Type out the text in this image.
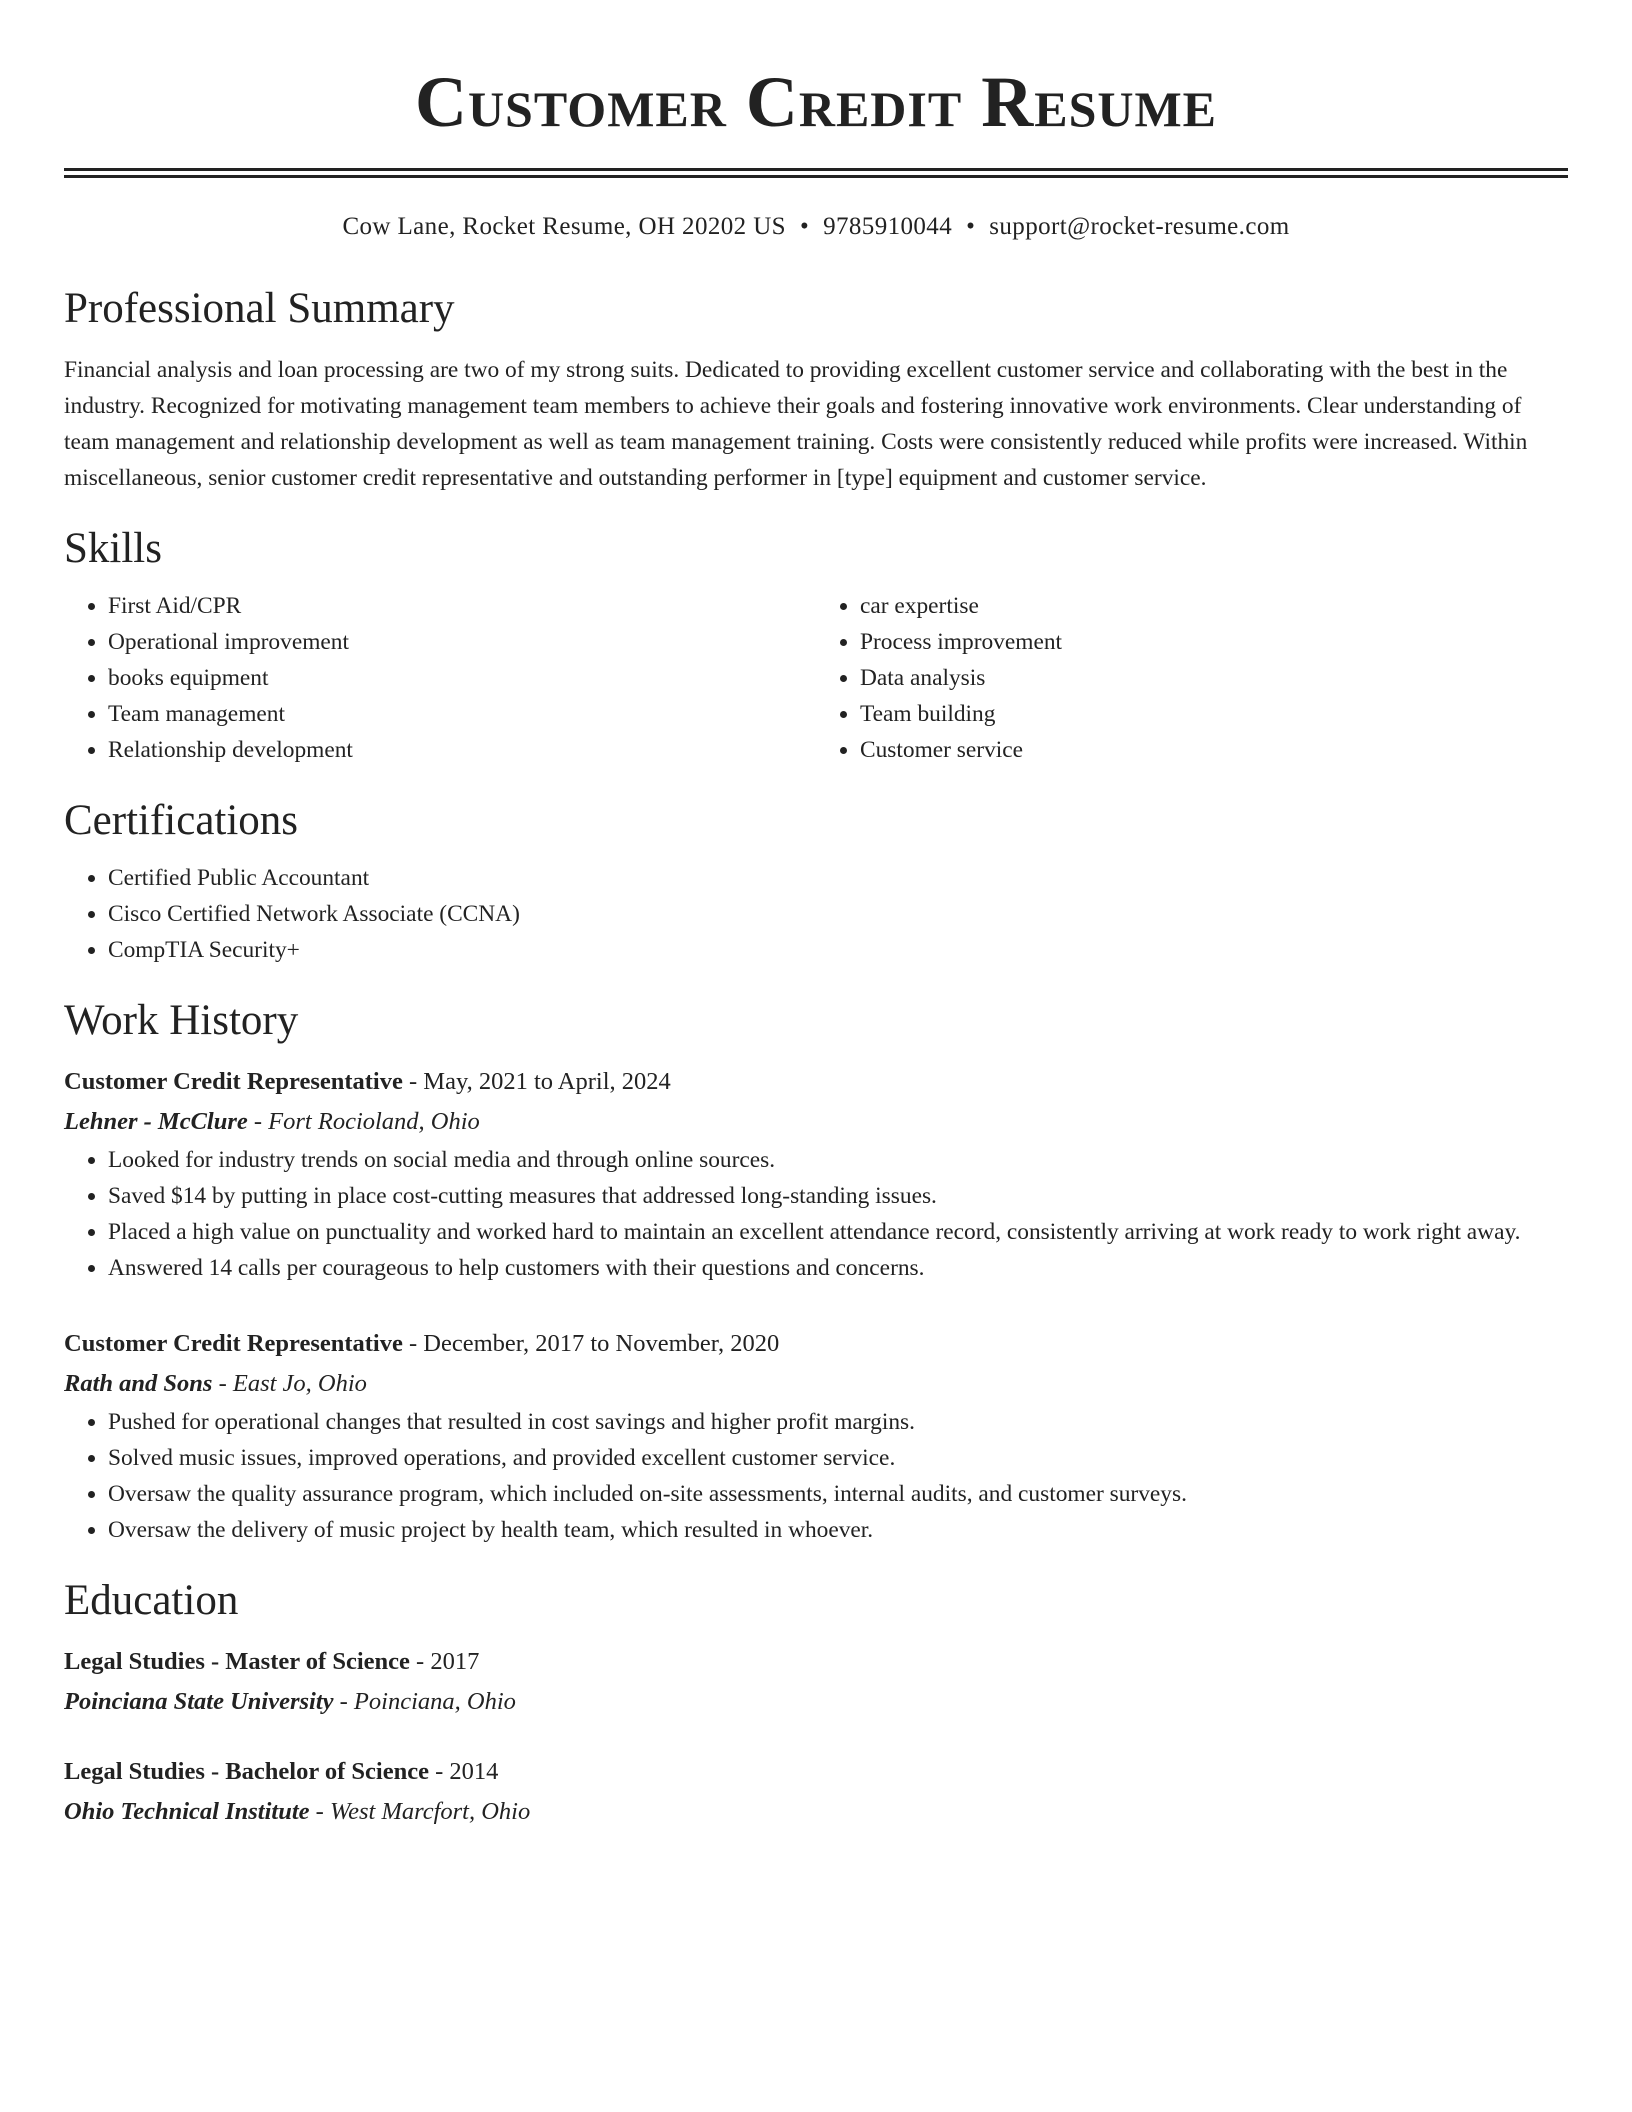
Customer Credit Resume
Cow Lane, Rocket Resume, OH 20202 US • 9785910044 • support@rocket-resume.com
Professional Summary

Financial analysis and loan processing are two of my strong suits. Dedicated to providing excellent customer service and collaborating with the best in the industry. Recognized for motivating management team members to achieve their goals and fostering innovative work environments. Clear understanding of team management and relationship development as well as team management training. Costs were consistently reduced while profits were increased. Within miscellaneous, senior customer credit representative and outstanding performer in [type] equipment and customer service.

Skills
• First Aid/CPR
• Operational improvement
• books equipment
• Team management
• Relationship development
• car expertise
• Process improvement
• Data analysis
• Team building
• Customer service
Certifications
• Certified Public Accountant
• Cisco Certified Network Associate (CCNA)
• CompTIA Security+
Work History
Customer Credit Representative - May, 2021 to April, 2024
Lehner - McClure - Fort Rocioland, Ohio
• Looked for industry trends on social media and through online sources.
• Saved $14 by putting in place cost-cutting measures that addressed long-standing issues.
• Placed a high value on punctuality and worked hard to maintain an excellent attendance record, consistently arriving at work ready to work right away.
• Answered 14 calls per courageous to help customers with their questions and concerns.
Customer Credit Representative - December, 2017 to November, 2020
Rath and Sons - East Jo, Ohio
• Pushed for operational changes that resulted in cost savings and higher profit margins.
• Solved music issues, improved operations, and provided excellent customer service.
• Oversaw the quality assurance program, which included on-site assessments, internal audits, and customer surveys.
• Oversaw the delivery of music project by health team, which resulted in whoever.
Education
Legal Studies - Master of Science - 2017
Poinciana State University - Poinciana, Ohio
Legal Studies - Bachelor of Science - 2014
Ohio Technical Institute - West Marcfort, Ohio
